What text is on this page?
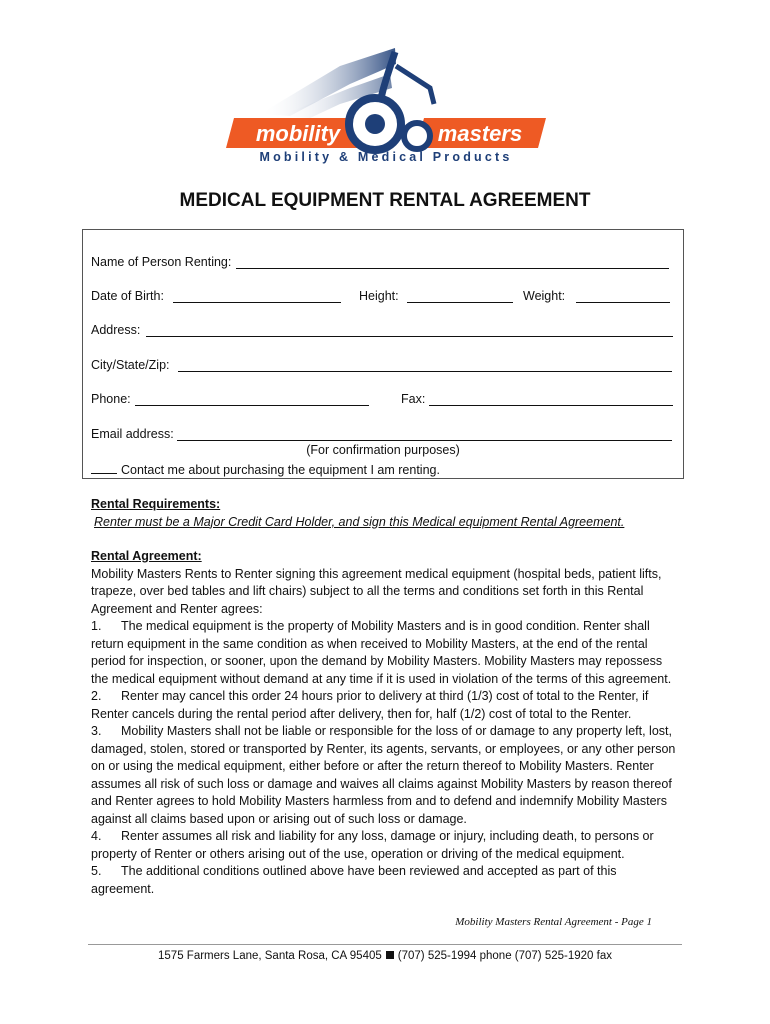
mobility	masters
Mobility & Medical Products
MEDICAL EQUIPMENT RENTAL AGREEMENT
Name of Person Renting:
Date of Birth:	Height:	Weight:
Address:
City/State/Zip:
Phone:	Fax:
Email address:
(For confirmation purposes)
Contact me about purchasing the equipment I am renting.
Rental Requirements:
Renter must be a Major Credit Card Holder, and sign this Medical equipment Rental Agreement.
Rental Agreement:
Mobility Masters Rents to Renter signing this agreement medical equipment (hospital beds, patient lifts, trapeze, over bed tables and lift chairs) subject to all the terms and conditions set forth in this Rental Agreement and Renter agrees:
1. The medical equipment is the property of Mobility Masters and is in good condition. Renter shall return equipment in the same condition as when received to Mobility Masters, at the end of the rental period for inspection, or sooner, upon the demand by Mobility Masters. Mobility Masters may repossess the medical equipment without demand at any time if it is used in violation of the terms of this agreement.
2. Renter may cancel this order 24 hours prior to delivery at third (1/3) cost of total to the Renter, if Renter cancels during the rental period after delivery, then for, half (1/2) cost of total to the Renter.
3. Mobility Masters shall not be liable or responsible for the loss of or damage to any property left, lost, damaged, stolen, stored or transported by Renter, its agents, servants, or employees, or any other person on or using the medical equipment, either before or after the return thereof to Mobility Masters. Renter assumes all risk of such loss or damage and waives all claims against Mobility Masters by reason thereof and Renter agrees to hold Mobility Masters harmless from and to defend and indemnify Mobility Masters against all claims based upon or arising out of such loss or damage.
4. Renter assumes all risk and liability for any loss, damage or injury, including death, to persons or property of Renter or others arising out of the use, operation or driving of the medical equipment.
5. The additional conditions outlined above have been reviewed and accepted as part of this agreement.
Mobility Masters Rental Agreement - Page 1
1575 Farmers Lane, Santa Rosa, CA 95405 (707) 525-1994 phone (707) 525-1920 fax
